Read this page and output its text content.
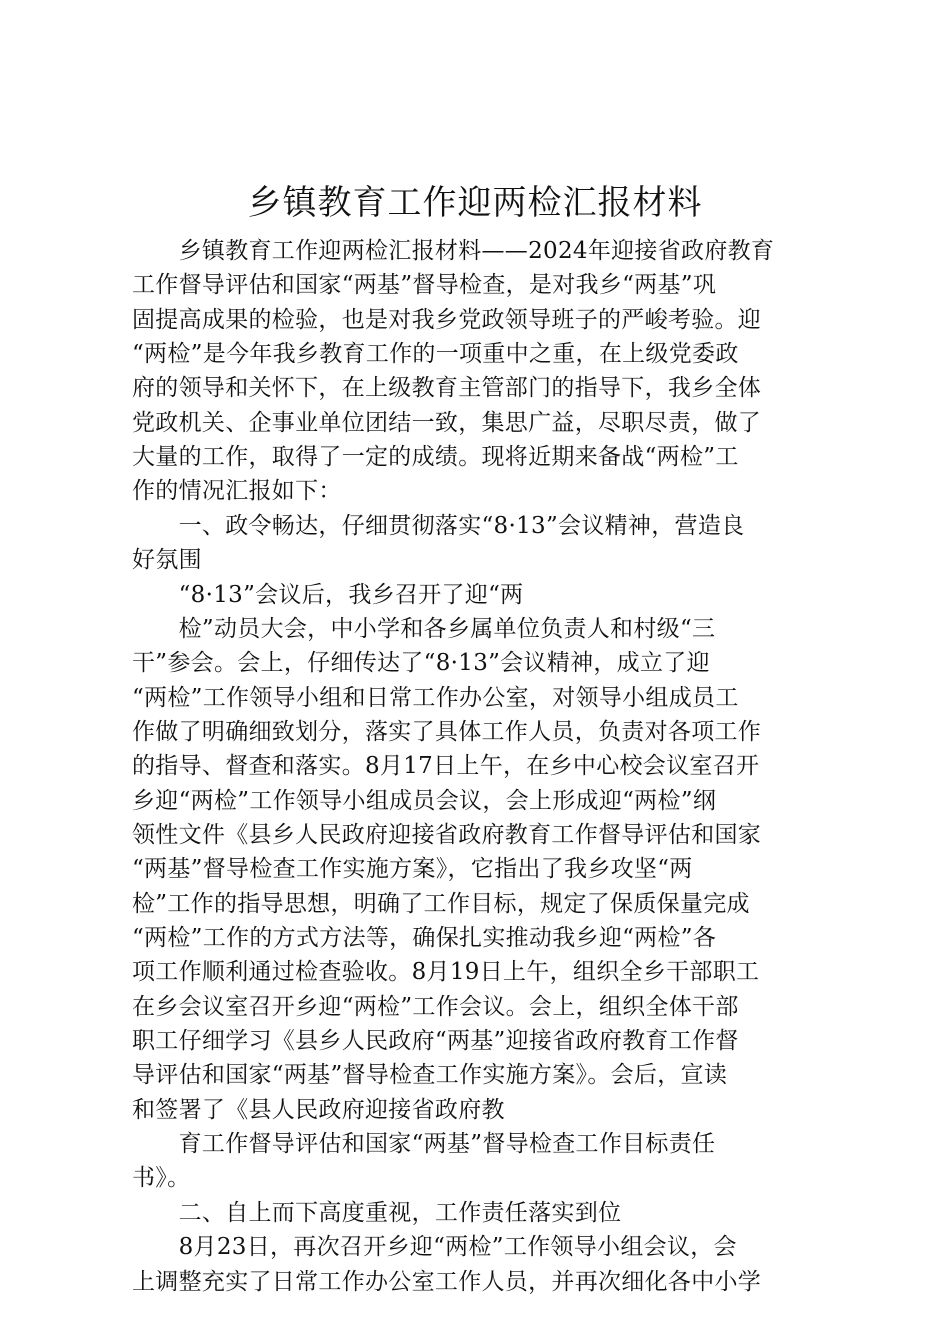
乡镇教育工作迎两检汇报材料
　　乡镇教育工作迎两检汇报材料——2024年迎接省政府教育
工作督导评估和国家“两基”督导检查，是对我乡“两基”巩
固提高成果的检验，也是对我乡党政领导班子的严峻考验。迎
“两检”是今年我乡教育工作的一项重中之重，在上级党委政
府的领导和关怀下，在上级教育主管部门的指导下，我乡全体
党政机关、企事业单位团结一致，集思广益，尽职尽责，做了
大量的工作，取得了一定的成绩。现将近期来备战“两检”工
作的情况汇报如下：
　　一、政令畅达，仔细贯彻落实“8·13”会议精神，营造良
好氛围
　　“8·13”会议后，我乡召开了迎“两
　　检”动员大会，中小学和各乡属单位负责人和村级“三
干”参会。会上，仔细传达了“8·13”会议精神，成立了迎
“两检”工作领导小组和日常工作办公室，对领导小组成员工
作做了明确细致划分，落实了具体工作人员，负责对各项工作
的指导、督查和落实。8月17日上午，在乡中心校会议室召开
乡迎“两检”工作领导小组成员会议，会上形成迎“两检”纲
领性文件《县乡人民政府迎接省政府教育工作督导评估和国家
“两基”督导检查工作实施方案》，它指出了我乡攻坚“两
检”工作的指导思想，明确了工作目标，规定了保质保量完成
“两检”工作的方式方法等，确保扎实推动我乡迎“两检”各
项工作顺利通过检查验收。8月19日上午，组织全乡干部职工
在乡会议室召开乡迎“两检”工作会议。会上，组织全体干部
职工仔细学习《县乡人民政府“两基”迎接省政府教育工作督
导评估和国家“两基”督导检查工作实施方案》。会后，宣读
和签署了《县人民政府迎接省政府教
　　育工作督导评估和国家“两基”督导检查工作目标责任
书》。
　　二、自上而下高度重视，工作责任落实到位
　　8月23日，再次召开乡迎“两检”工作领导小组会议，会
上调整充实了日常工作办公室工作人员，并再次细化各中小学
